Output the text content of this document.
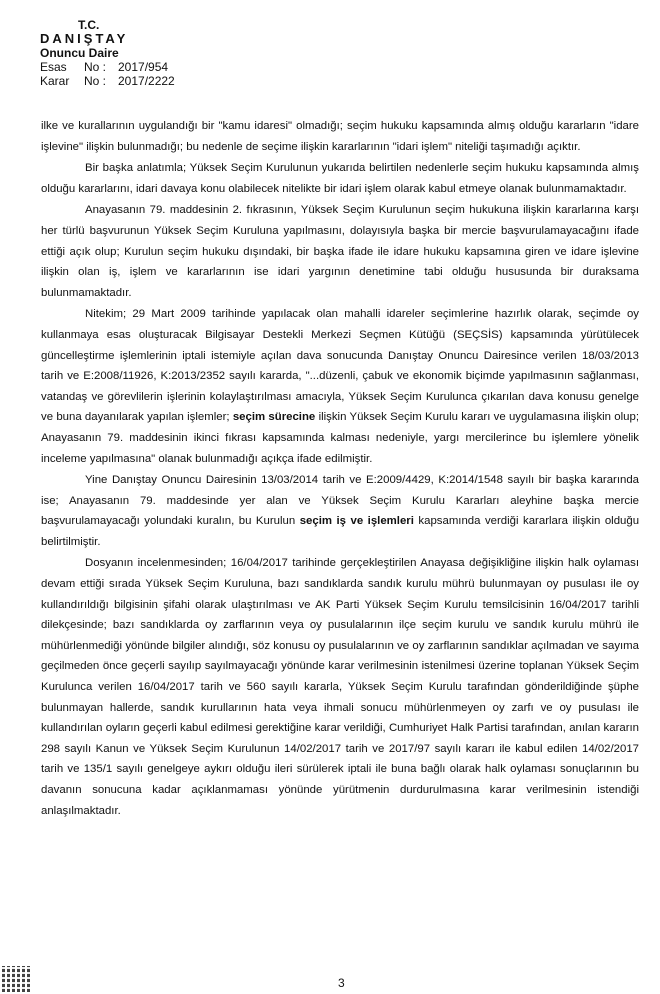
T.C.
DANIŞTAY
Onuncu Daire
Esas No : 2017/954
Karar No : 2017/2222

ilke ve kurallarının uygulandığı bir "kamu idaresi" olmadığı; seçim hukuku kapsamında almış olduğu kararların "idare işlevine" ilişkin bulunmadığı; bu nedenle de seçime ilişkin kararlarının "idari işlem" niteliği taşımadığı açıktır.

Bir başka anlatımla; Yüksek Seçim Kurulunun yukarıda belirtilen nedenlerle seçim hukuku kapsamında almış olduğu kararlarını, idari davaya konu olabilecek nitelikte bir idari işlem olarak kabul etmeye olanak bulunmamaktadır.

Anayasanın 79. maddesinin 2. fıkrasının, Yüksek Seçim Kurulunun seçim hukukuna ilişkin kararlarına karşı her türlü başvurunun Yüksek Seçim Kuruluna yapılmasını, dolayısıyla başka bir mercie başvurulamayacağını ifade ettiği açık olup; Kurulun seçim hukuku dışındaki, bir başka ifade ile idare hukuku kapsamına giren ve idare işlevine ilişkin olan iş, işlem ve kararlarının ise idari yargının denetimine tabi olduğu hususunda bir duraksama bulunmamaktadır.

Nitekim; 29 Mart 2009 tarihinde yapılacak olan mahalli idareler seçimlerine hazırlık olarak, seçimde oy kullanmaya esas oluşturacak Bilgisayar Destekli Merkezi Seçmen Kütüğü (SEÇSİS) kapsamında yürütülecek güncelleştirme işlemlerinin iptali istemiyle açılan dava sonucunda Danıştay Onuncu Dairesince verilen 18/03/2013 tarih ve E:2008/11926, K:2013/2352 sayılı kararda, "...düzenli, çabuk ve ekonomik biçimde yapılmasının sağlanması, vatandaş ve görevlilerin işlerinin kolaylaştırılması amacıyla, Yüksek Seçim Kurulunca çıkarılan dava konusu genelge ve buna dayanılarak yapılan işlemler; seçim sürecine ilişkin Yüksek Seçim Kurulu kararı ve uygulamasına ilişkin olup; Anayasanın 79. maddesinin ikinci fıkrası kapsamında kalması nedeniyle, yargı mercilerince bu işlemlere yönelik inceleme yapılmasına" olanak bulunmadığı açıkça ifade edilmiştir.

Yine Danıştay Onuncu Dairesinin 13/03/2014 tarih ve E:2009/4429, K:2014/1548 sayılı bir başka kararında ise; Anayasanın 79. maddesinde yer alan ve Yüksek Seçim Kurulu Kararları aleyhine başka mercie başvurulamayacağı yolundaki kuralın, bu Kurulun seçim iş ve işlemleri kapsamında verdiği kararlara ilişkin olduğu belirtilmiştir.

Dosyanın incelenmesinden; 16/04/2017 tarihinde gerçekleştirilen Anayasa değişikliğine ilişkin halk oylaması devam ettiği sırada Yüksek Seçim Kuruluna, bazı sandıklarda sandık kurulu mührü bulunmayan oy pusulası ile oy kullandırıldığı bilgisinin şifahi olarak ulaştırılması ve AK Parti Yüksek Seçim Kurulu temsilcisinin 16/04/2017 tarihli dilekçesinde; bazı sandıklarda oy zarflarının veya oy pusulalarının ilçe seçim kurulu ve sandık kurulu mührü ile mühürlenmediği yönünde bilgiler alındığı, söz konusu oy pusulalarının ve oy zarflarının sandıklar açılmadan ve sayıma geçilmeden önce geçerli sayılıp sayılmayacağı yönünde karar verilmesinin istenilmesi üzerine toplanan Yüksek Seçim Kurulunca verilen 16/04/2017 tarih ve 560 sayılı kararla, Yüksek Seçim Kurulu tarafından gönderildiğinde şüphe bulunmayan hallerde, sandık kurullarının hata veya ihmali sonucu mühürlenmeyen oy zarfı ve oy pusulası ile kullandırılan oyların geçerli kabul edilmesi gerektiğine karar verildiği, Cumhuriyet Halk Partisi tarafından, anılan kararın 298 sayılı Kanun ve Yüksek Seçim Kurulunun 14/02/2017 tarih ve 2017/97 sayılı kararı ile kabul edilen 14/02/2017 tarih ve 135/1 sayılı genelgeye aykırı olduğu ileri sürülerek iptali ile buna bağlı olarak halk oylaması sonuçlarının bu davanın sonucuna kadar açıklanmaması yönünde yürütmenin durdurulmasına karar verilmesinin istendiği anlaşılmaktadır.

3
